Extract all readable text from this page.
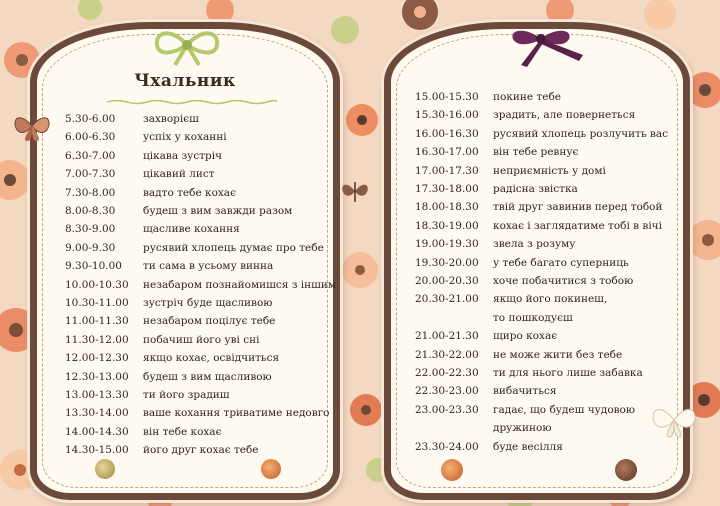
Чхальник
5.30-6.00	захворієш
6.00-6.30	успіх у коханні
6.30-7.00	цікава зустріч
7.00-7.30	цікавий лист
7.30-8.00	вадто тебе кохає
8.00-8.30	будеш з вим завжди разом
8.30-9.00	щасливе кохання
9.00-9.30	русявий хлопець думає про тебе
9.30-10.00 ти сама в усьому винна
10.00-10.30 незабаром познайомишся з іншим
10.30-11.00 зустріч буде щасливою
11.00-11.30 незабаром поцілує тебе
11.30-12.00 побачиш його уві сні
12.00-12.30 якщо кохає, освідчиться
12.30-13.00 будеш з вим щасливою
13.00-13.30 ти його зрадиш
13.30-14.00 ваше кохання триватиме недовго
14.00-14.30 він тебе кохає
14.30-15.00 його друг кохає тебе
15.00-15.30 покине тебе
15.30-16.00 зрадить, але повернеться
16.00-16.30 русявий хлопець розлучить вас
16.30-17.00 він тебе ревнує
17.00-17.30 неприємність у домі
17.30-18.00 радісна звістка
18.00-18.30 твій друг завинив перед тобой
18.30-19.00 кохає і заглядатиме тобі в вічі
19.00-19.30 звела з розуму
19.30-20.00 у тебе багато суперниць
20.00-20.30 хоче побачитися з тобою
20.30-21.00 якщо його покинеш,
то пошкодуєш
21.00-21.30 щиро кохає
21.30-22.00 не може жити без тебе
22.00-22.30 ти для нього лише забавка
22.30-23.00 вибачиться
23.00-23.30 гадає, що будеш чудовою
дружиною
23.30-24.00 буде весілля
